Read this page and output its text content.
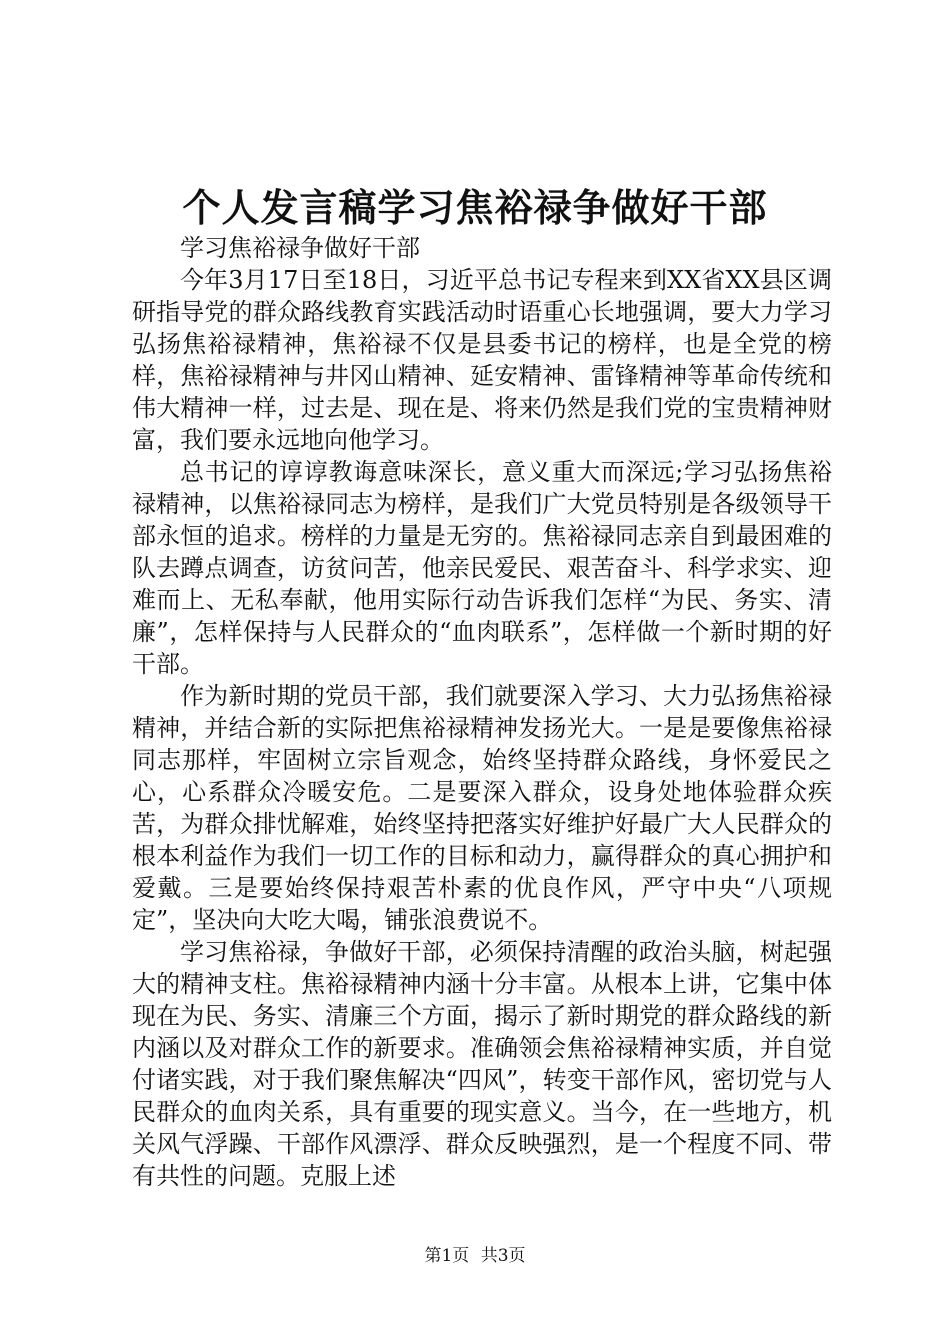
个人发言稿学习焦裕禄争做好干部

学习焦裕禄争做好干部

今年3月17日至18日，习近平总书记专程来到XX省XX县区调研指导党的群众路线教育实践活动时语重心长地强调，要大力学习弘扬焦裕禄精神，焦裕禄不仅是县委书记的榜样，也是全党的榜样，焦裕禄精神与井冈山精神、延安精神、雷锋精神等革命传统和伟大精神一样，过去是、现在是、将来仍然是我们党的宝贵精神财富，我们要永远地向他学习。

总书记的谆谆教诲意味深长，意义重大而深远;学习弘扬焦裕禄精神，以焦裕禄同志为榜样，是我们广大党员特别是各级领导干部永恒的追求。榜样的力量是无穷的。焦裕禄同志亲自到最困难的队去蹲点调查，访贫问苦，他亲民爱民、艰苦奋斗、科学求实、迎难而上、无私奉献，他用实际行动告诉我们怎样“为民、务实、清廉”，怎样保持与人民群众的“血肉联系”，怎样做一个新时期的好干部。

作为新时期的党员干部，我们就要深入学习、大力弘扬焦裕禄精神，并结合新的实际把焦裕禄精神发扬光大。一是是要像焦裕禄同志那样，牢固树立宗旨观念，始终坚持群众路线，身怀爱民之心，心系群众冷暖安危。二是要深入群众，设身处地体验群众疾苦，为群众排忧解难，始终坚持把落实好维护好最广大人民群众的根本利益作为我们一切工作的目标和动力，赢得群众的真心拥护和爱戴。三是要始终保持艰苦朴素的优良作风，严守中央“八项规定”，坚决向大吃大喝，铺张浪费说不。

学习焦裕禄，争做好干部，必须保持清醒的政治头脑，树起强大的精神支柱。焦裕禄精神内涵十分丰富。从根本上讲，它集中体现在为民、务实、清廉三个方面，揭示了新时期党的群众路线的新内涵以及对群众工作的新要求。准确领会焦裕禄精神实质，并自觉付诸实践，对于我们聚焦解决“四风”，转变干部作风，密切党与人民群众的血肉关系，具有重要的现实意义。当今，在一些地方，机关风气浮躁、干部作风漂浮、群众反映强烈，是一个程度不同、带有共性的问题。克服上述

第1页 共3页
